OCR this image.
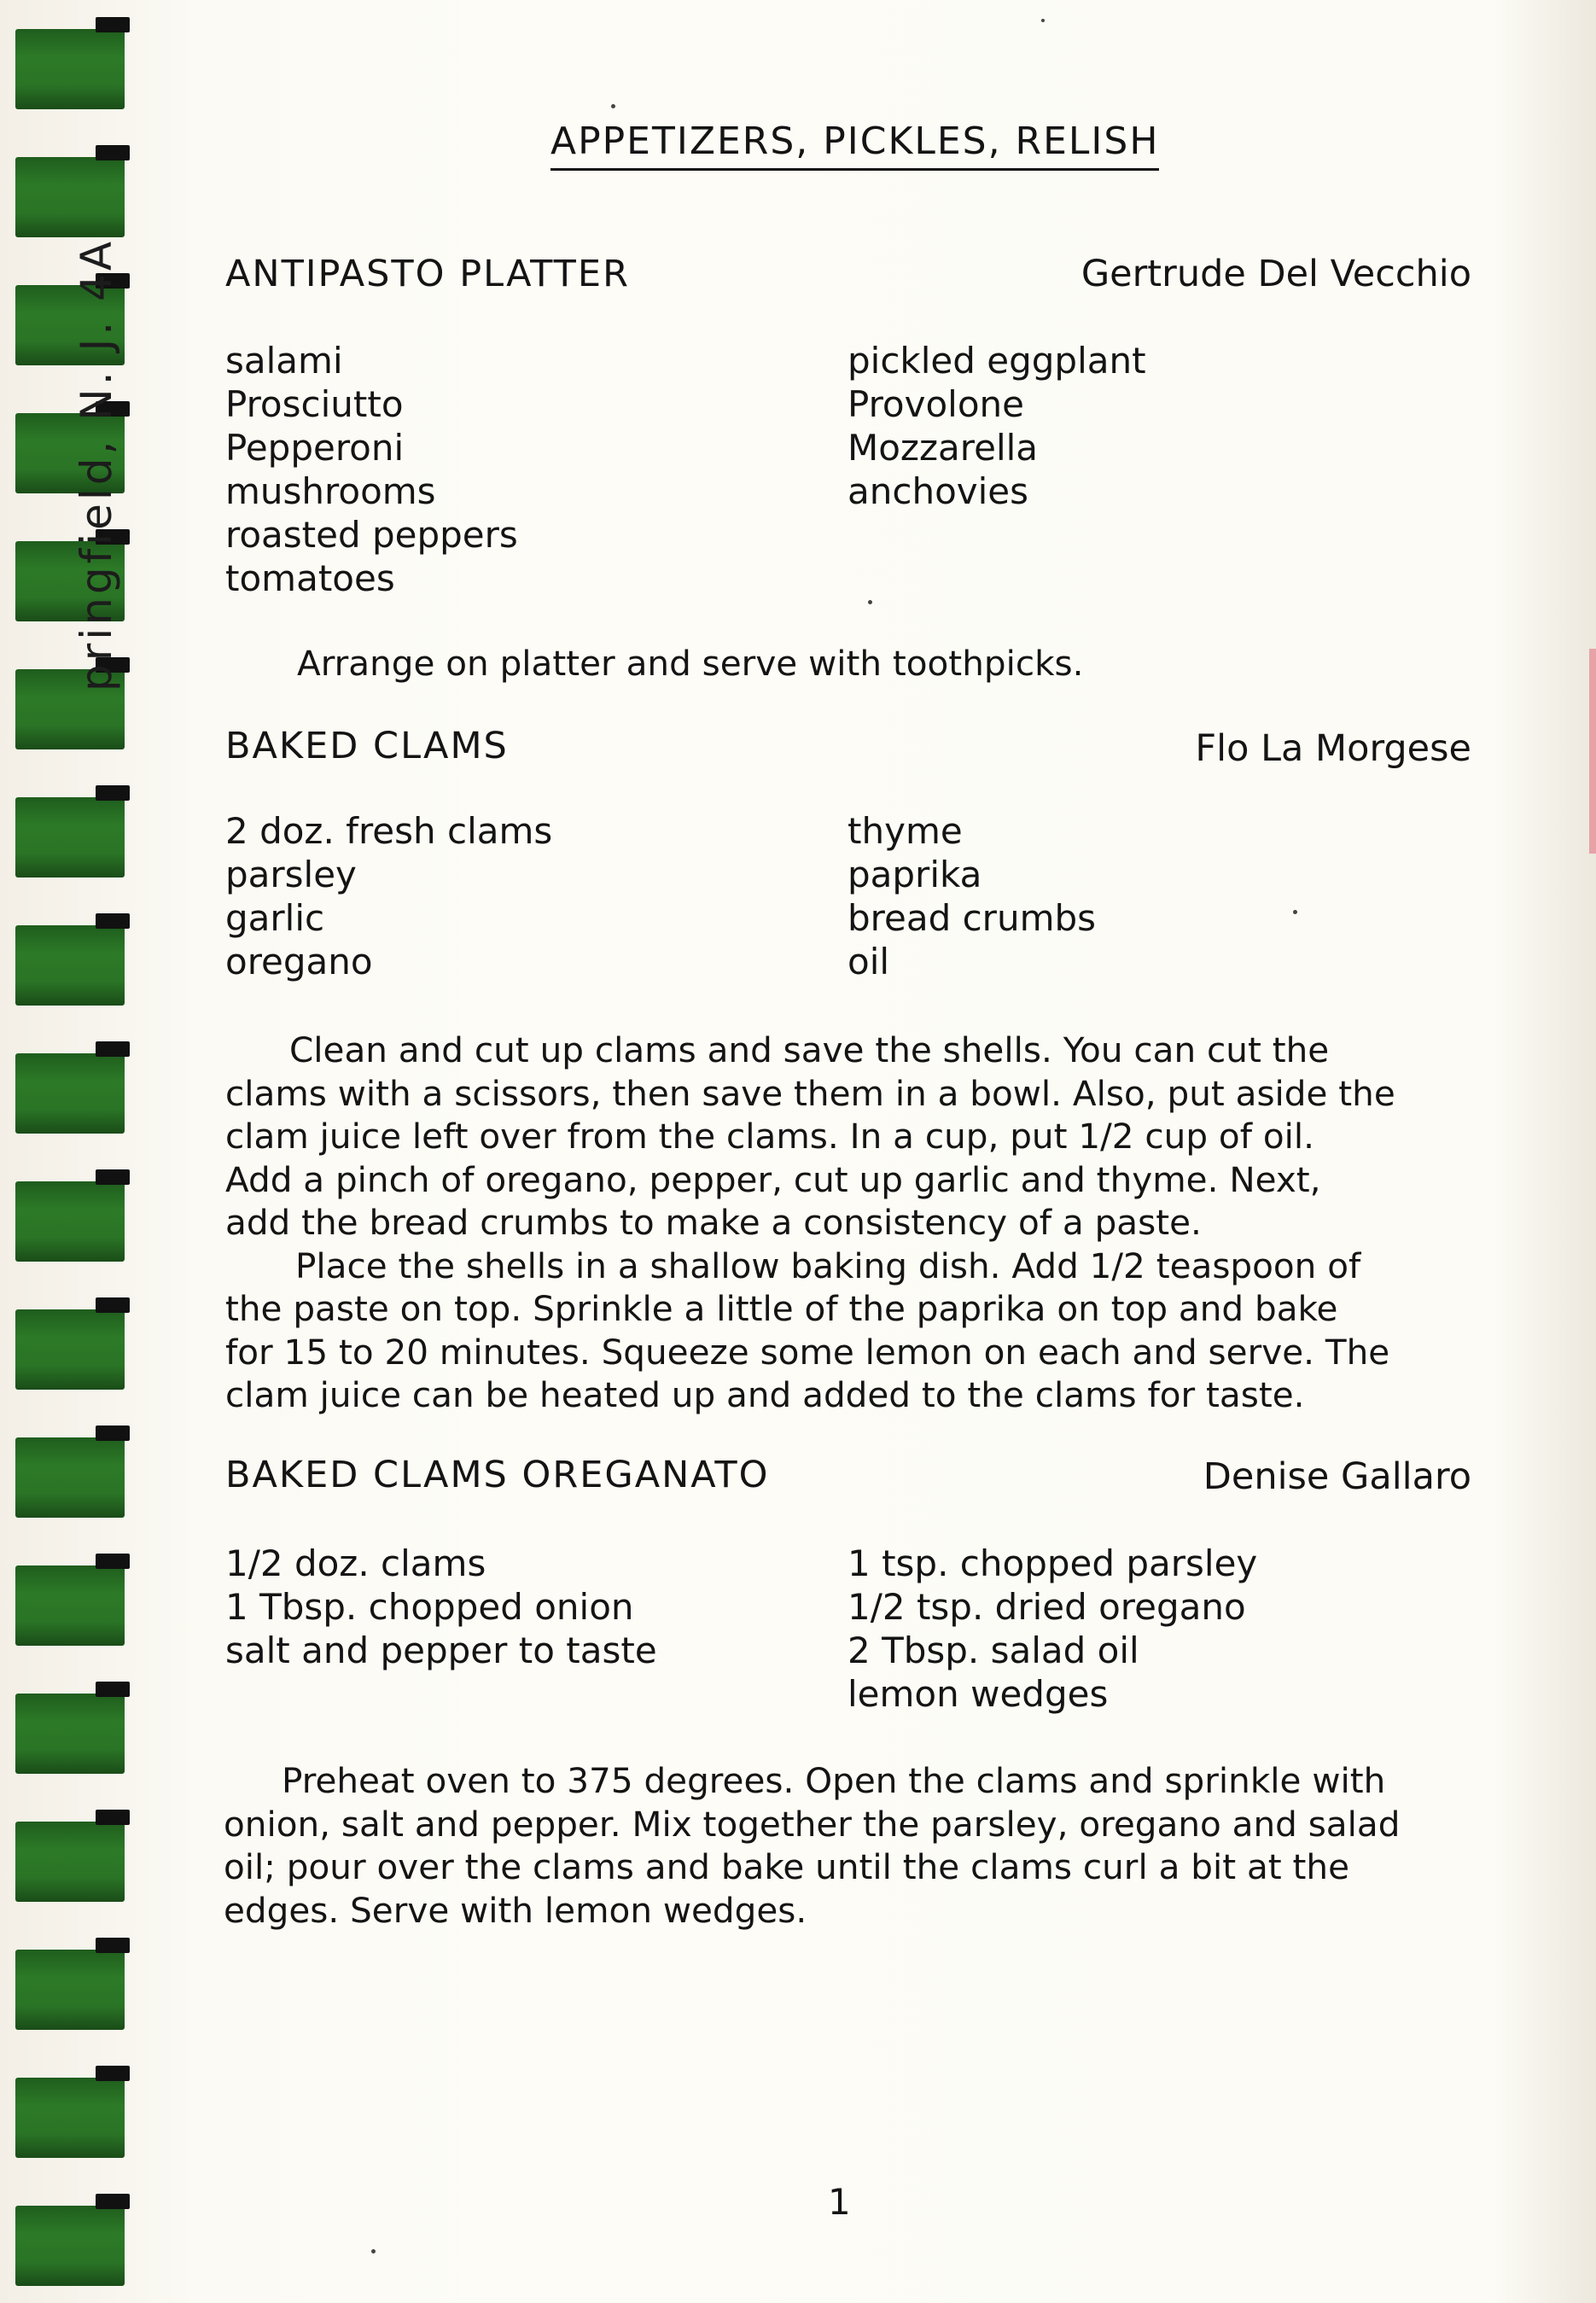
pringfield, N. J. 4A
APPETIZERS, PICKLES, RELISH
ANTIPASTO PLATTER	Gertrude Del Vecchio
salami
Prosciutto
Pepperoni
mushrooms
roasted peppers
tomatoes
pickled eggplant
Provolone
Mozzarella
anchovies
Arrange on platter and serve with toothpicks.
BAKED CLAMS	Flo La Morgese
2 doz. fresh clams
parsley
garlic
oregano
thyme
paprika
bread crumbs
oil
Clean and cut up clams and save the shells. You can cut the
clams with a scissors, then save them in a bowl. Also, put aside the
clam juice left over from the clams. In a cup, put 1/2 cup of oil.
Add a pinch of oregano, pepper, cut up garlic and thyme. Next,
add the bread crumbs to make a consistency of a paste.
Place the shells in a shallow baking dish. Add 1/2 teaspoon of
the paste on top. Sprinkle a little of the paprika on top and bake
for 15 to 20 minutes. Squeeze some lemon on each and serve. The
clam juice can be heated up and added to the clams for taste.
BAKED CLAMS OREGANATO	Denise Gallaro
1/2 doz. clams
1 Tbsp. chopped onion
salt and pepper to taste
1 tsp. chopped parsley
1/2 tsp. dried oregano
2 Tbsp. salad oil
lemon wedges
Preheat oven to 375 degrees. Open the clams and sprinkle with
onion, salt and pepper. Mix together the parsley, oregano and salad
oil; pour over the clams and bake until the clams curl a bit at the
edges. Serve with lemon wedges.
1
